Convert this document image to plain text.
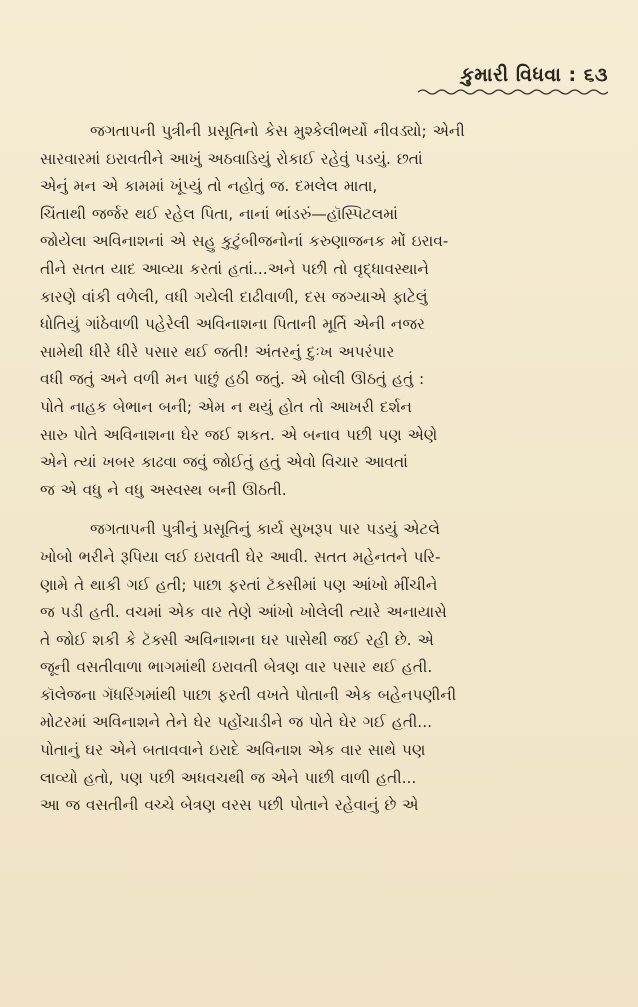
કુમારી વિધવા : ૬૩

જગતાપની પુત્રીની પ્રસૂતિનો કેસ મુશ્કેલીભર્યો નીવડ્યો; એની
સારવારમાં ઇરાવતીને આખું અઠવાડિયું રોકાઈ રહેવું પડયું. છતાં
એનું મન એ કામમાં ખૂંપ્યું તો નહોતું જ. દમલેલ માતા,
ચિંતાથી જર્જર થઈ રહેલ પિતા, નાનાં ભાંડરું—હૉસ્પિટલમાં
જોયેલા અવિનાશનાં એ સહુ કુટુંબીજનોનાં કરુણાજનક મોં ઇરાવ-
તીને સતત યાદ આવ્યા કરતાં હતાં...અને પછી તો વૃદ્ધાવસ્થાને
કારણે વાંકી વળેલી, વધી ગયેલી દાઢીવાળી, દસ જગ્યાએ ફાટેલું
ધોતિયું ગાંઠેવાળી પહેરેલી અવિનાશના પિતાની મૂર્તિ એની નજર
સામેથી ધીરે ધીરે પસાર થઈ જતી! અંતરનું દુઃખ અપરંપાર
વધી જતું અને વળી મન પાછું હઠી જતું. એ બોલી ઊઠતું હતું :
પોતે નાહક બેભાન બની; એમ ન થયું હોત તો આખરી દર્શન
સારુ પોતે અવિનાશના ઘેર જઈ શકત. એ બનાવ પછી પણ એણે
એને ત્યાં ખબર કાઢવા જવું જોઈતું હતું એવો વિચાર આવતાં
જ એ વધુ ને વધુ અસ્વસ્થ બની ઊઠતી.

જગતાપની પુત્રીનું પ્રસૂતિનું કાર્ય સુખરૂપ પાર પડયું એટલે
ખોબો ભરીને રૂપિયા લઈ ઇરાવતી ઘેર આવી. સતત મહેનતને પરિ-
ણામે તે થાકી ગઈ હતી; પાછા ફરતાં ટૅક્સીમાં પણ આંખો મીંચીને
જ પડી હતી. વચમાં એક વાર તેણે આંખો ખોલેલી ત્યારે અનાયાસે
તે જોઈ શકી કે ટૅક્સી અવિનાશના ઘર પાસેથી જઈ રહી છે. એ
જૂની વસતીવાળા ભાગમાંથી ઇરાવતી બેત્રણ વાર પસાર થઈ હતી.
કૉલેજના ગૅધરિંગમાંથી પાછા ફરતી વખતે પોતાની એક બહેનપણીની
મોટરમાં અવિનાશને તેને ઘેર પહોંચાડીને જ પોતે ઘેર ગઈ હતી...
પોતાનું ઘર એને બતાવવાને ઇરાદે અવિનાશ એક વાર સાથે પણ
લાવ્યો હતો, પણ પછી અધવચથી જ એને પાછી વાળી હતી...
આ જ વસતીની વચ્ચે બેત્રણ વરસ પછી પોતાને રહેવાનું છે એ
